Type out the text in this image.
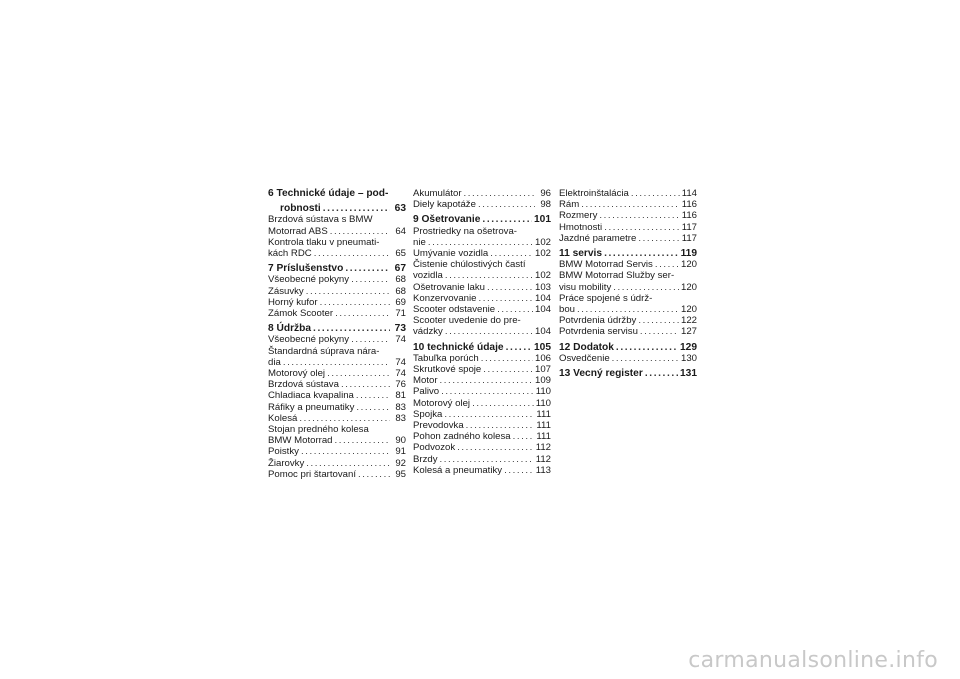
6 Technické údaje – pod-
robnosti .....	63
Brzdová sústava s BMW
Motorrad ABS .....	64
Kontrola tlaku v pneumati-
kách RDC .....	65
7 Príslušenstvo .....	67
Všeobecné pokyny .....	68
Zásuvky .....	68
Horný kufor .....	69
Zámok Scooter .....	71
8 Údržba .....	73
Všeobecné pokyny .....	74
Štandardná súprava nára-
dia .....	74
Motorový olej .....	74
Brzdová sústava .....	76
Chladiaca kvapalina .....	81
Ráfiky a pneumatiky .....	83
Kolesá .....	83
Stojan predného kolesa
BMW Motorrad .....	90
Poistky .....	91
Žiarovky .....	92
Pomoc pri štartovaní .....	95
Akumulátor .....	96
Diely kapotáže .....	98
9 Ošetrovanie .....	101
Prostriedky na ošetrova-
nie .....	102
Umývanie vozidla .....	102
Čistenie chúlostivých častí
vozidla .....	102
Ošetrovanie laku .....	103
Konzervovanie .....	104
Scooter odstavenie .....	104
Scooter uvedenie do pre-
vádzky .....	104
10 technické údaje .....	105
Tabuľka porúch .....	106
Skrutkové spoje .....	107
Motor .....	109
Palivo .....	110
Motorový olej .....	110
Spojka .....	111
Prevodovka .....	111
Pohon zadného kolesa .....	111
Podvozok .....	112
Brzdy .....	112
Kolesá a pneumatiky .....	113
Elektroinštalácia .....	114
Rám .....	116
Rozmery .....	116
Hmotnosti .....	117
Jazdné parametre .....	117
11 servis .....	119
BMW Motorrad Servis .....	120
BMW Motorrad Služby ser-
visu mobility .....	120
Práce spojené s údrž-
bou .....	120
Potvrdenia údržby .....	122
Potvrdenia servisu .....	127
12 Dodatok .....	129
Osvedčenie .....	130
13 Vecný register .....	131
carmanualsonline.info
